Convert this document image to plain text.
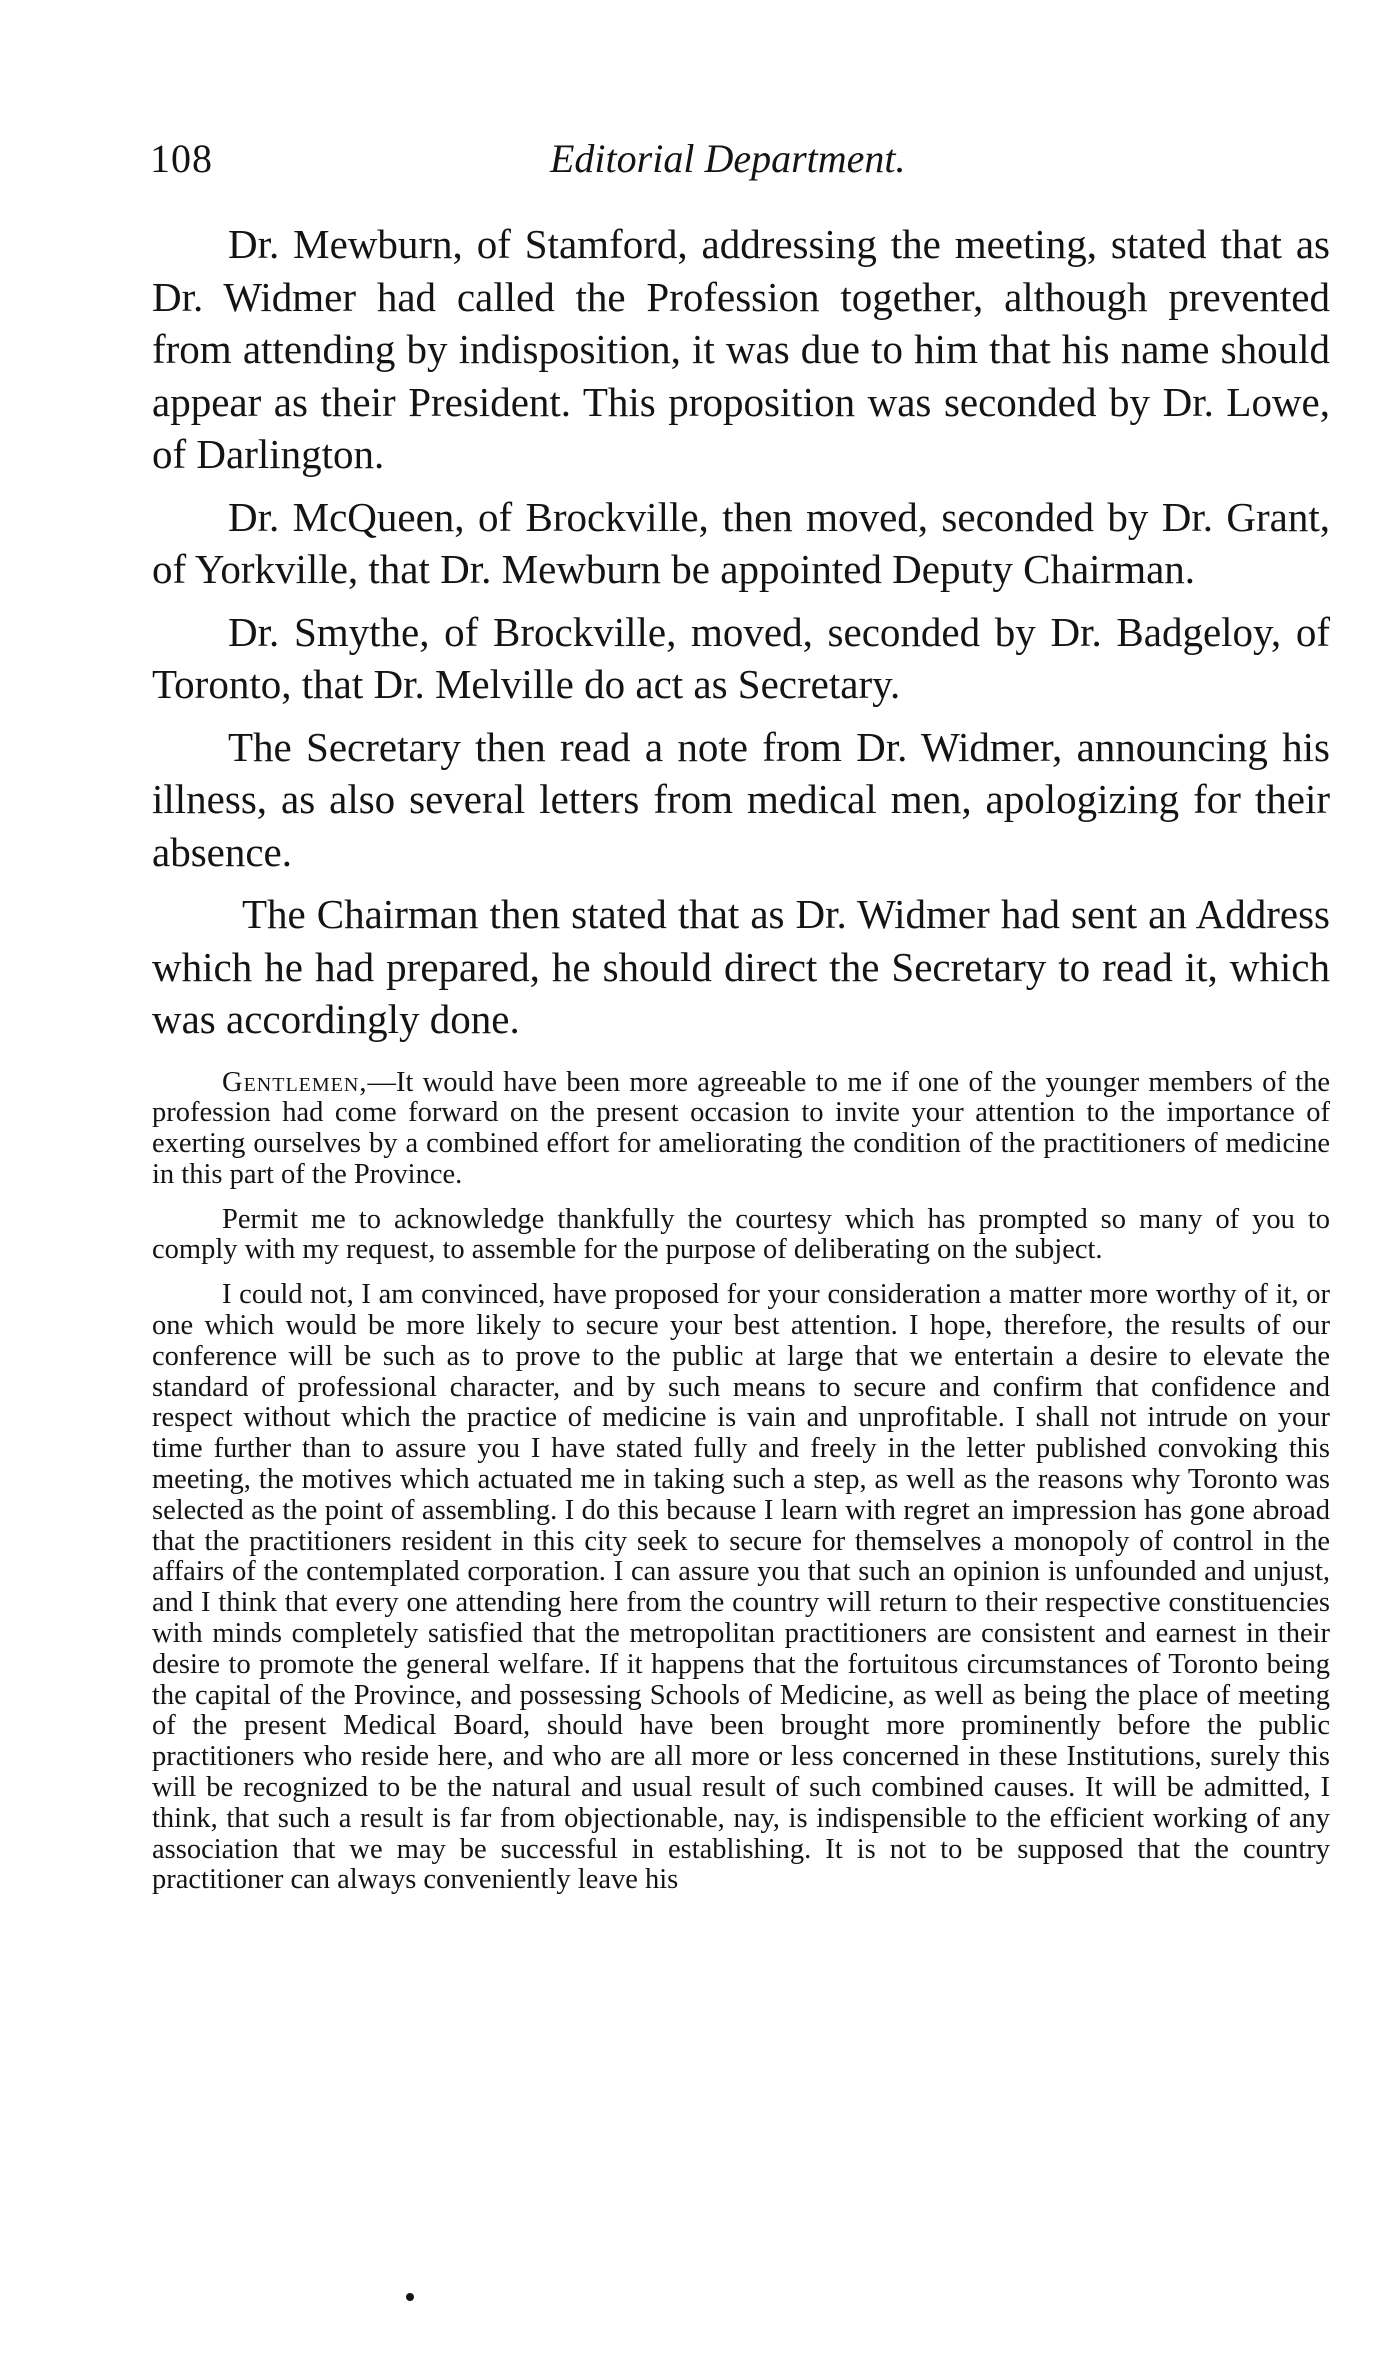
108	Editorial Department.

Dr. Mewburn, of Stamford, addressing the meeting, stated that as Dr. Widmer had called the Profession together, although prevented from attending by indisposition, it was due to him that his name should appear as their President. This proposition was seconded by Dr. Lowe, of Darlington.

Dr. McQueen, of Brockville, then moved, seconded by Dr. Grant, of Yorkville, that Dr. Mewburn be appointed Deputy Chairman.

Dr. Smythe, of Brockville, moved, seconded by Dr. Badgeloy, of Toronto, that Dr. Melville do act as Secretary.

The Secretary then read a note from Dr. Widmer, announcing his illness, as also several letters from medical men, apologizing for their absence.

The Chairman then stated that as Dr. Widmer had sent an Address which he had prepared, he should direct the Secretary to read it, which was accordingly done.

Gentlemen,—It would have been more agreeable to me if one of the younger members of the profession had come forward on the present occasion to invite your attention to the importance of exerting ourselves by a combined effort for ameliorating the condition of the practitioners of medicine in this part of the Province.

Permit me to acknowledge thankfully the courtesy which has prompted so many of you to comply with my request, to assemble for the purpose of deliberating on the subject.

I could not, I am convinced, have proposed for your consideration a matter more worthy of it, or one which would be more likely to secure your best attention. I hope, therefore, the results of our conference will be such as to prove to the public at large that we entertain a desire to elevate the standard of professional character, and by such means to secure and confirm that confidence and respect without which the practice of medicine is vain and unprofitable. I shall not intrude on your time further than to assure you I have stated fully and freely in the letter published convoking this meeting, the motives which actuated me in taking such a step, as well as the reasons why Toronto was selected as the point of assembling. I do this because I learn with regret an impression has gone abroad that the practitioners resident in this city seek to secure for themselves a monopoly of control in the affairs of the contemplated corporation. I can assure you that such an opinion is unfounded and unjust, and I think that every one attending here from the country will return to their respective constituencies with minds completely satisfied that the metropolitan practitioners are consistent and earnest in their desire to promote the general welfare. If it happens that the fortuitous circumstances of Toronto being the capital of the Province, and possessing Schools of Medicine, as well as being the place of meeting of the present Medical Board, should have been brought more prominently before the public practitioners who reside here, and who are all more or less concerned in these Institutions, surely this will be recognized to be the natural and usual result of such combined causes. It will be admitted, I think, that such a result is far from objectionable, nay, is indispensible to the efficient working of any association that we may be successful in establishing. It is not to be supposed that the country practitioner can always conveniently leave his
